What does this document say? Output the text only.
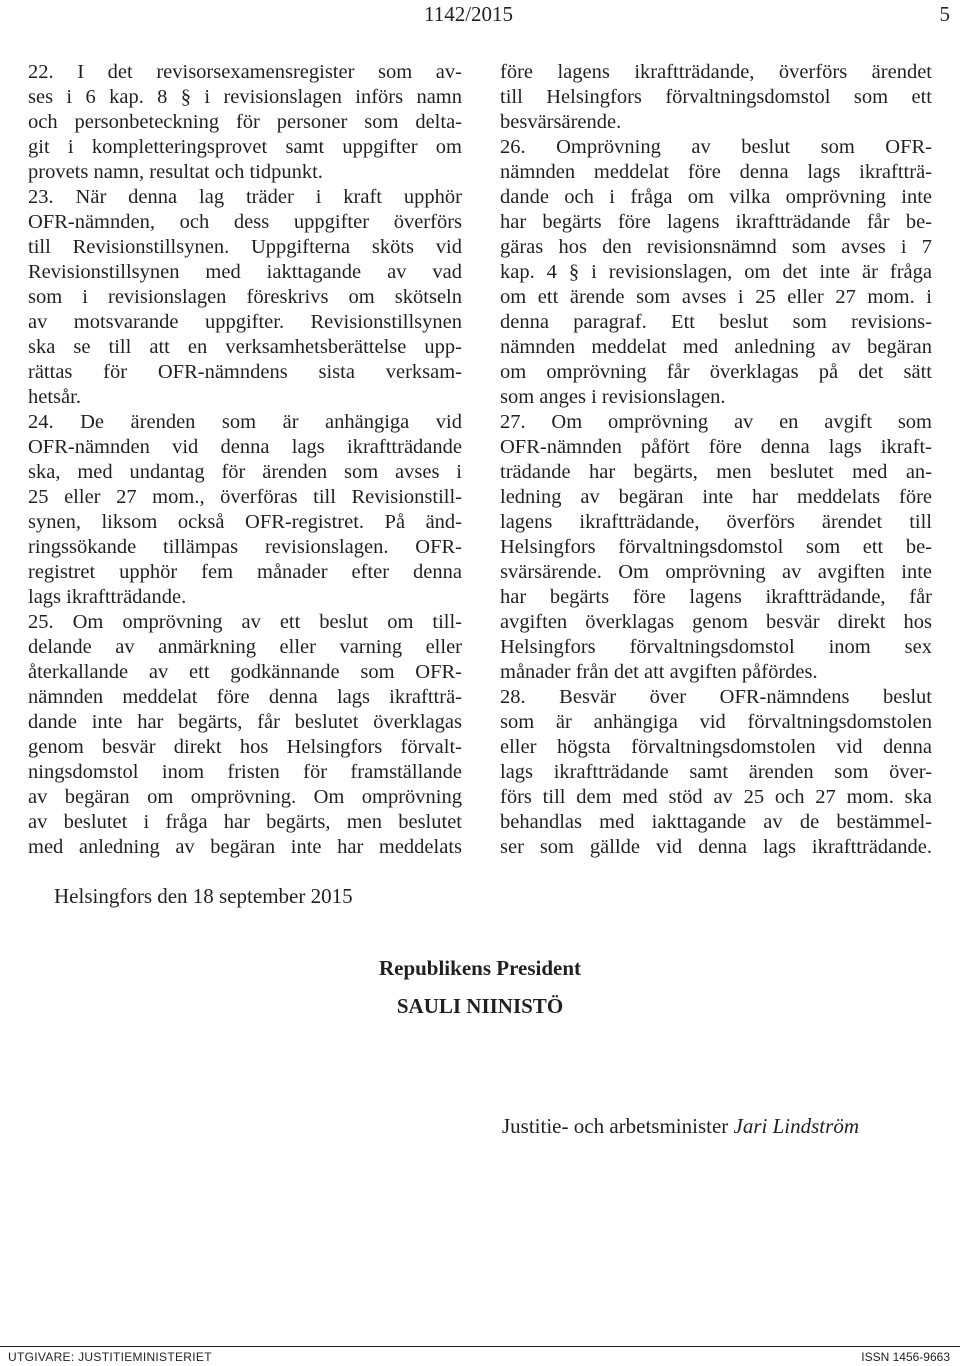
1142/2015	5
22. I det revisorsexamensregister som av-
ses i 6 kap. 8 § i revisionslagen införs namn
och personbeteckning för personer som delta-
git i kompletteringsprovet samt uppgifter om
provets namn, resultat och tidpunkt.
23. När denna lag träder i kraft upphör
OFR-nämnden, och dess uppgifter överförs
till Revisionstillsynen. Uppgifterna sköts vid
Revisionstillsynen med iakttagande av vad
som i revisionslagen föreskrivs om skötseln
av motsvarande uppgifter. Revisionstillsynen
ska se till att en verksamhetsberättelse upp-
rättas för OFR-nämndens sista verksam-
hetsår.
24. De ärenden som är anhängiga vid
OFR-nämnden vid denna lags ikraftträdande
ska, med undantag för ärenden som avses i
25 eller 27 mom., överföras till Revisionstill-
synen, liksom också OFR-registret. På änd-
ringssökande tillämpas revisionslagen. OFR-
registret upphör fem månader efter denna
lags ikraftträdande.
25. Om omprövning av ett beslut om till-
delande av anmärkning eller varning eller
återkallande av ett godkännande som OFR-
nämnden meddelat före denna lags ikraftträ-
dande inte har begärts, får beslutet överklagas
genom besvär direkt hos Helsingfors förvalt-
ningsdomstol inom fristen för framställande
av begäran om omprövning. Om omprövning
av beslutet i fråga har begärts, men beslutet
med anledning av begäran inte har meddelats
före lagens ikraftträdande, överförs ärendet
till Helsingfors förvaltningsdomstol som ett
besvärsärende.
26. Omprövning av beslut som OFR-
nämnden meddelat före denna lags ikraftträ-
dande och i fråga om vilka omprövning inte
har begärts före lagens ikraftträdande får be-
gäras hos den revisionsnämnd som avses i 7
kap. 4 § i revisionslagen, om det inte är fråga
om ett ärende som avses i 25 eller 27 mom. i
denna paragraf. Ett beslut som revisions-
nämnden meddelat med anledning av begäran
om omprövning får överklagas på det sätt
som anges i revisionslagen.
27. Om omprövning av en avgift som
OFR-nämnden påfört före denna lags ikraft-
trädande har begärts, men beslutet med an-
ledning av begäran inte har meddelats före
lagens ikraftträdande, överförs ärendet till
Helsingfors förvaltningsdomstol som ett be-
svärsärende. Om omprövning av avgiften inte
har begärts före lagens ikraftträdande, får
avgiften överklagas genom besvär direkt hos
Helsingfors förvaltningsdomstol inom sex
månader från det att avgiften påfördes.
28. Besvär över OFR-nämndens beslut
som är anhängiga vid förvaltningsdomstolen
eller högsta förvaltningsdomstolen vid denna
lags ikraftträdande samt ärenden som över-
förs till dem med stöd av 25 och 27 mom. ska
behandlas med iakttagande av de bestämmel-
ser som gällde vid denna lags ikraftträdande.
Helsingfors den 18 september 2015
Republikens President
SAULI NIINISTÖ
Justitie- och arbetsminister Jari Lindström
UTGIVARE: JUSTITIEMINISTERIET	ISSN 1456-9663
